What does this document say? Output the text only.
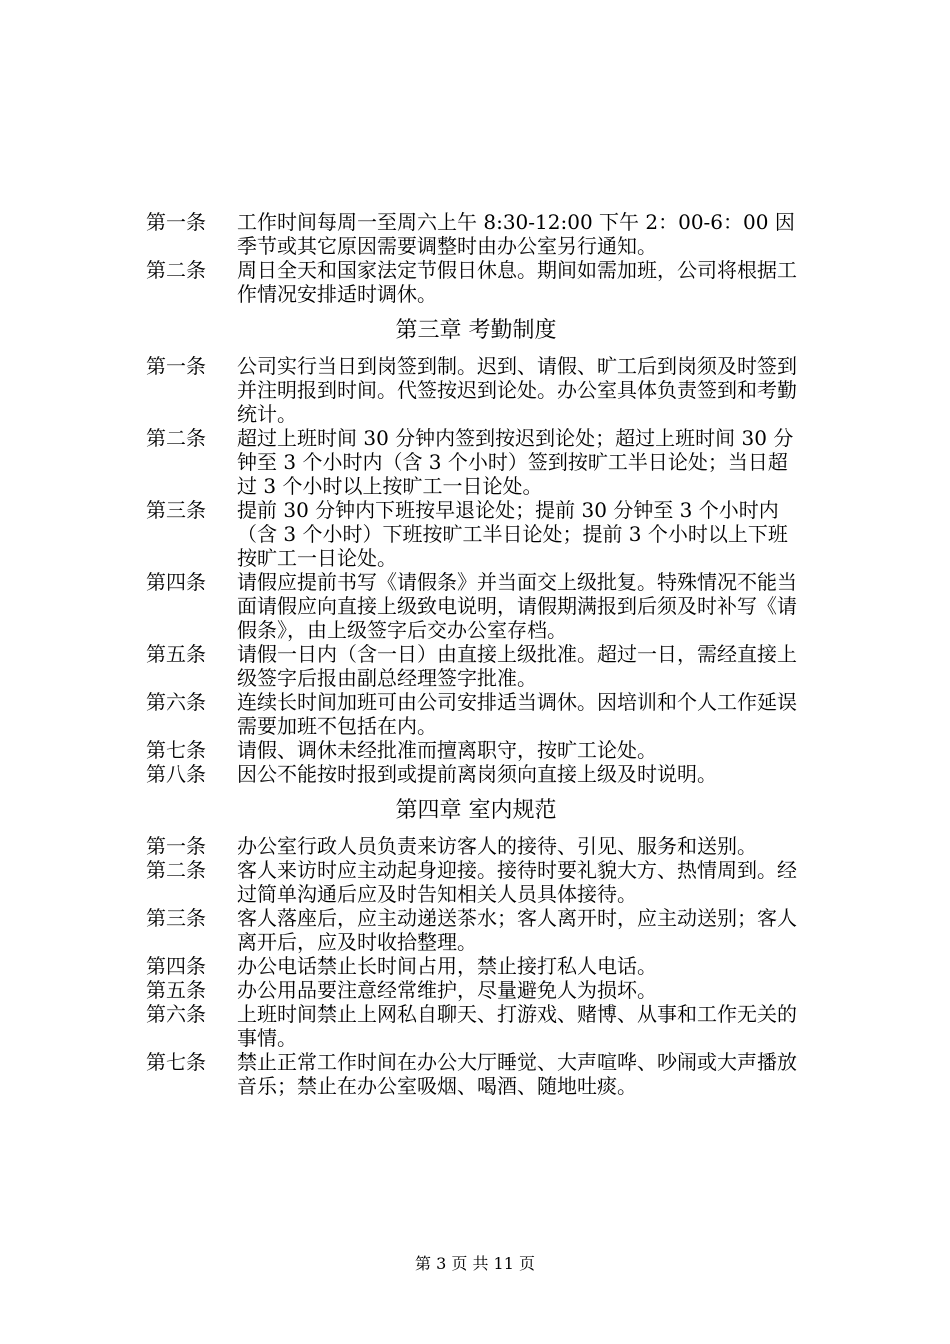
第一条	工作时间每周一至周六上午 8:30-12:00 下午 2：00-6：00 因季节或其它原因需要调整时由办公室另行通知。
第二条	周日全天和国家法定节假日休息。期间如需加班，公司将根据工作情况安排适时调休。
第三章 考勤制度
第一条	公司实行当日到岗签到制。迟到、请假、旷工后到岗须及时签到并注明报到时间。代签按迟到论处。办公室具体负责签到和考勤统计。
第二条	超过上班时间 30 分钟内签到按迟到论处；超过上班时间 30 分钟至 3 个小时内（含 3 个小时）签到按旷工半日论处；当日超过 3 个小时以上按旷工一日论处。
第三条	提前 30 分钟内下班按早退论处；提前 30 分钟至 3 个小时内（含 3 个小时）下班按旷工半日论处；提前 3 个小时以上下班按旷工一日论处。
第四条	请假应提前书写《请假条》并当面交上级批复。特殊情况不能当面请假应向直接上级致电说明，请假期满报到后须及时补写《请假条》，由上级签字后交办公室存档。
第五条	请假一日内（含一日）由直接上级批准。超过一日，需经直接上级签字后报由副总经理签字批准。
第六条	连续长时间加班可由公司安排适当调休。因培训和个人工作延误需要加班不包括在内。
第七条	请假、调休未经批准而擅离职守，按旷工论处。
第八条	因公不能按时报到或提前离岗须向直接上级及时说明。
第四章 室内规范
第一条	办公室行政人员负责来访客人的接待、引见、服务和送别。
第二条	客人来访时应主动起身迎接。接待时要礼貌大方、热情周到。经过简单沟通后应及时告知相关人员具体接待。
第三条	客人落座后，应主动递送茶水；客人离开时，应主动送别；客人离开后，应及时收拾整理。
第四条	办公电话禁止长时间占用，禁止接打私人电话。
第五条	办公用品要注意经常维护，尽量避免人为损坏。
第六条	上班时间禁止上网私自聊天、打游戏、赌博、从事和工作无关的事情。
第七条	禁止正常工作时间在办公大厅睡觉、大声喧哗、吵闹或大声播放音乐；禁止在办公室吸烟、喝酒、随地吐痰。
第 3 页 共 11 页
